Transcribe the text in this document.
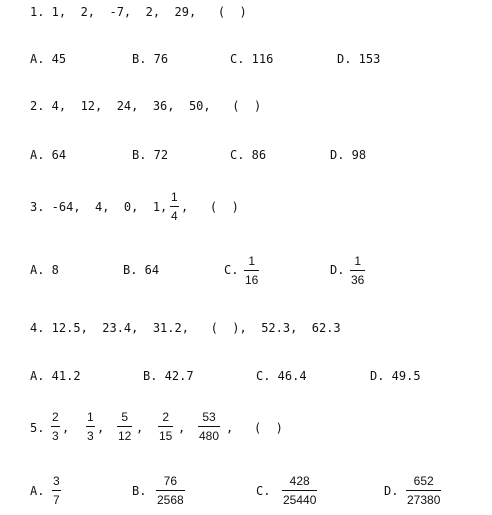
1. 1,  2,  -7,  2,  29,   (  )
A. 45	B. 76	C. 116	D. 153
2. 4,  12,  24,  36,  50,   (  )
A. 64	B. 72	C. 86	D. 98
3. -64,  4,  0,  1,
1
4
,   (  )
A. 8	B. 64	C.
1
16
D.
1
36
4. 12.5,  23.4,  31.2,   (  ),  52.3,  62.3
A. 41.2	B. 42.7	C. 46.4	D. 49.5
5.
2
3
,
1
3
,
5
12
,
2
15
,
53
480
, (  )
A.
3
7
B.
76
2568
C.
428
25440
D.
652
27380
